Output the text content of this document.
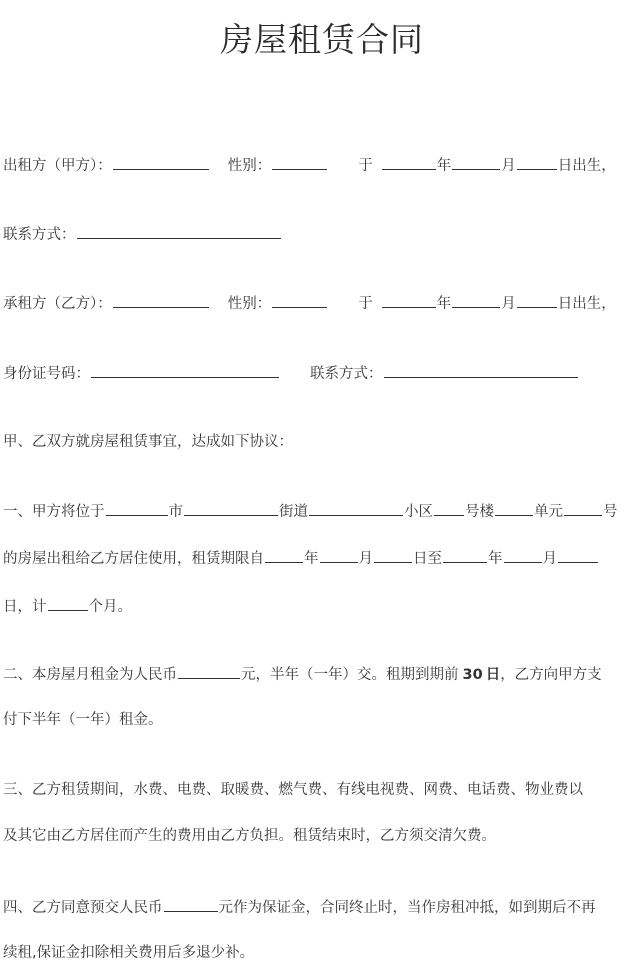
房屋租赁合同
出租方（甲方）：	性别：	于	年	月	日出生，
联系方式：
承租方（乙方）：	性别：	于	年	月	日出生，
身份证号码：	联系方式：
甲、乙双方就房屋租赁事宜，达成如下协议：
一、甲方将位于	市	街道	小区 号楼	单元	号
的房屋出租给乙方居住使用，租赁期限自	年	月	日至	年	月
日，计	个月。
二、本房屋月租金为人民币	元，半年（一年）交。租期到期前 30 日，乙方向甲方支
付下半年（一年）租金。
三、乙方租赁期间，水费、电费、取暖费、燃气费、有线电视费、网费、电话费、物业费以
及其它由乙方居住而产生的费用由乙方负担。租赁结束时，乙方须交清欠费。
四、乙方同意预交人民币	元作为保证金，合同终止时，当作房租冲抵，如到期后不再
续租,保证金扣除相关费用后多退少补。
